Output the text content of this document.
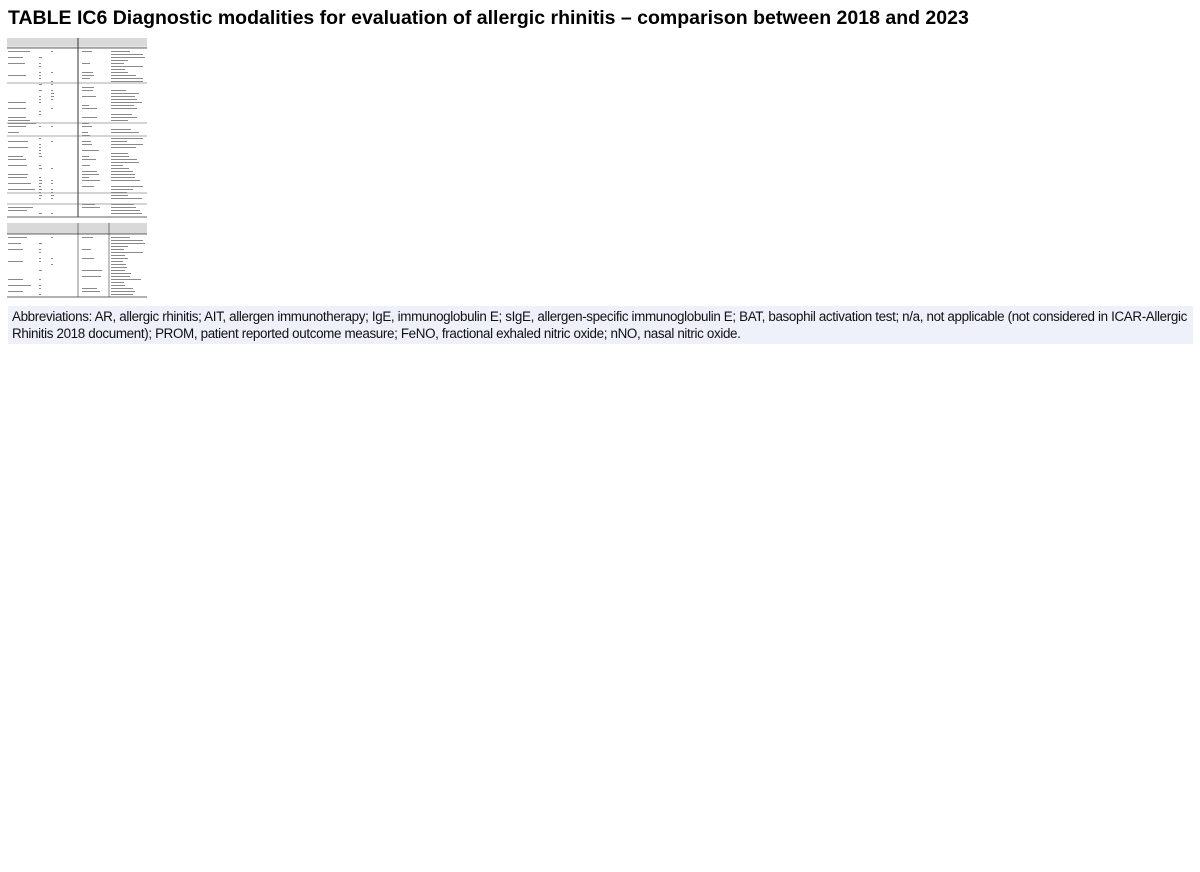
TABLE IC6 Diagnostic modalities for evaluation of allergic rhinitis – comparison between 2018 and 2023

Abbreviations: AR, allergic rhinitis; AIT, allergen immunotherapy; IgE, immunoglobulin E; sIgE, allergen-specific immunoglobulin E; BAT, basophil activation test; n/a, not applicable (not considered in ICAR-Allergic Rhinitis 2018 document); PROM, patient reported outcome measure; FeNO, fractional exhaled nitric oxide; nNO, nasal nitric oxide.
